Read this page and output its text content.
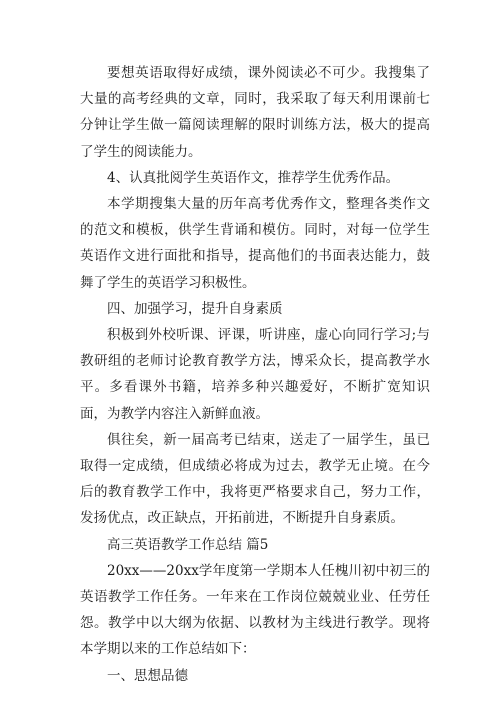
要想英语取得好成绩，课外阅读必不可少。我搜集了大量的高考经典的文章，同时，我采取了每天利用课前七分钟让学生做一篇阅读理解的限时训练方法，极大的提高了学生的阅读能力。

4、认真批阅学生英语作文，推荐学生优秀作品。

本学期搜集大量的历年高考优秀作文，整理各类作文的范文和模板，供学生背诵和模仿。同时，对每一位学生英语作文进行面批和指导，提高他们的书面表达能力，鼓舞了学生的英语学习积极性。

四、加强学习，提升自身素质

积极到外校听课、评课，听讲座，虚心向同行学习;与教研组的老师讨论教育教学方法，博采众长，提高教学水平。多看课外书籍，培养多种兴趣爱好，不断扩宽知识面，为教学内容注入新鲜血液。

俱往矣，新一届高考已结束，送走了一届学生，虽已取得一定成绩，但成绩必将成为过去，教学无止境。在今后的教育教学工作中，我将更严格要求自己，努力工作，发扬优点，改正缺点，开拓前进，不断提升自身素质。

高三英语教学工作总结 篇5

20xx——20xx学年度第一学期本人任槐川初中初三的英语教学工作任务。一年来在工作岗位兢兢业业、任劳任怨。教学中以大纲为依据、以教材为主线进行教学。现将本学期以来的工作总结如下：

一、思想品德
